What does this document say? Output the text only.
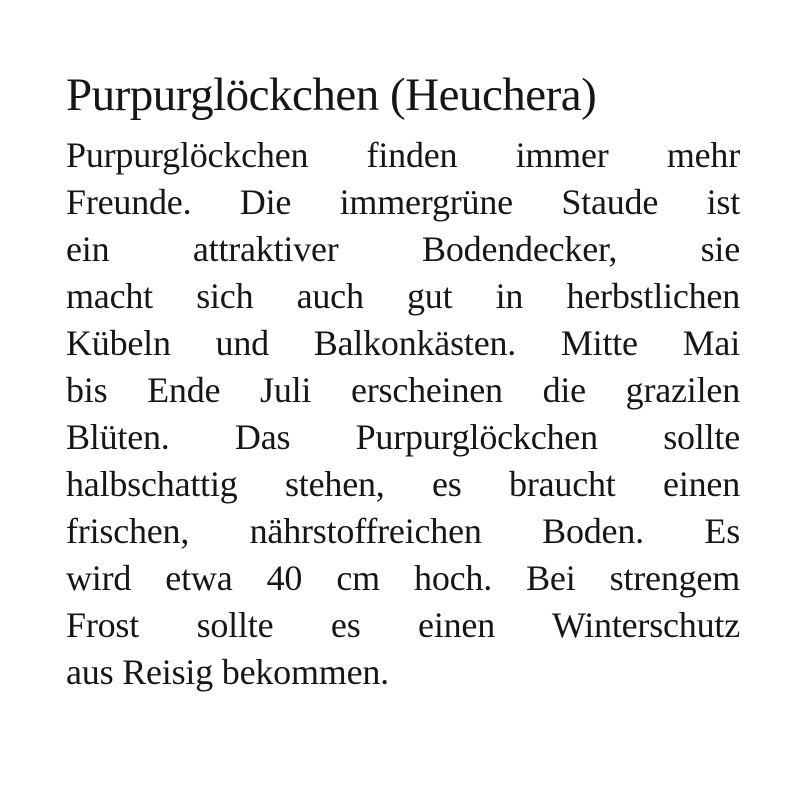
Purpurglöckchen (Heuchera)

Purpurglöckchen finden immer mehr

Freunde. Die immergrüne Staude ist

ein attraktiver Bodendecker, sie

macht sich auch gut in herbstlichen

Kübeln und Balkonkästen. Mitte Mai

bis Ende Juli erscheinen die grazilen

Blüten. Das Purpurglöckchen sollte

halbschattig stehen, es braucht einen

frischen, nährstoffreichen Boden. Es

wird etwa 40 cm hoch. Bei strengem

Frost sollte es einen Winterschutz

aus Reisig bekommen.
